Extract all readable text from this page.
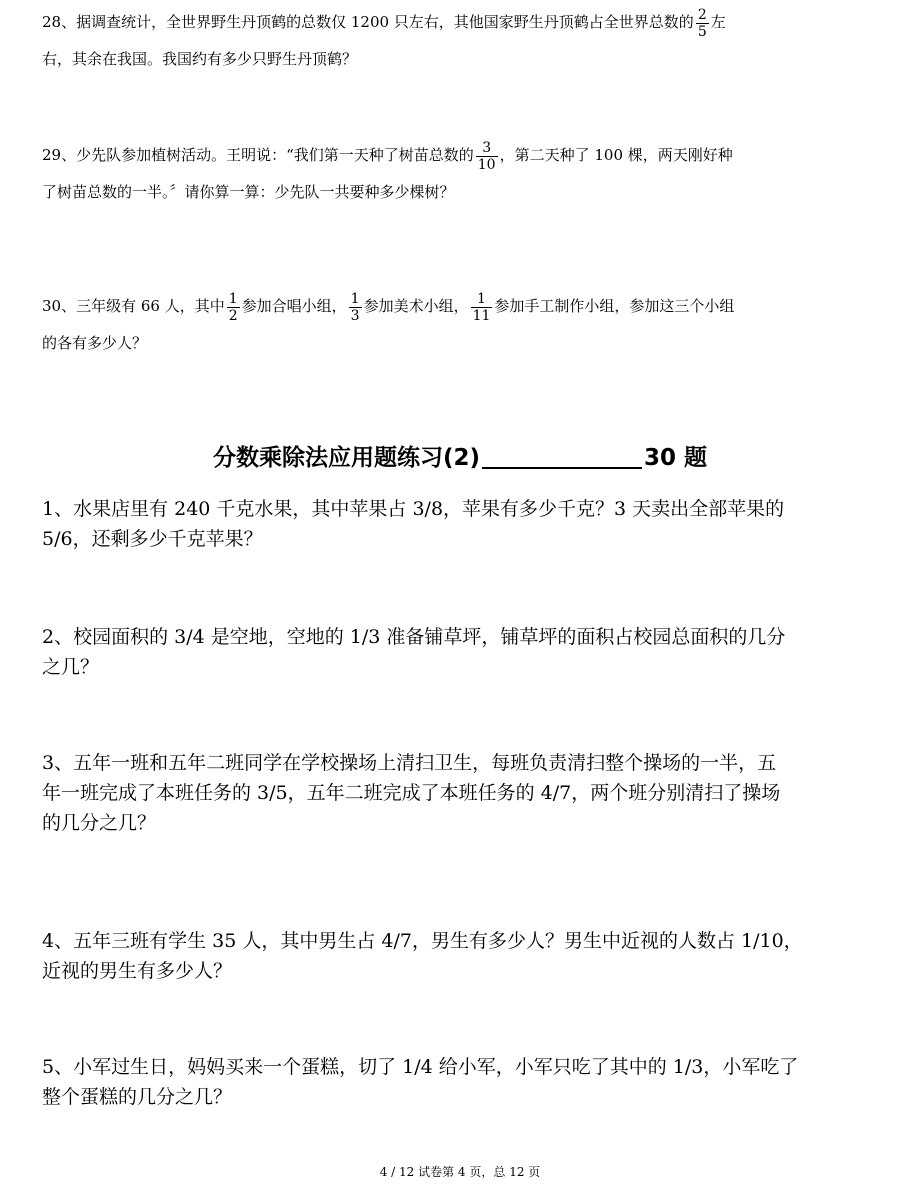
28、据调查统计，全世界野生丹顶鹤的总数仅 1200 只左右，其他国家野生丹顶鹤占全世界总数的 $\frac{2}{5}$ 左
右，其余在我国。我国约有多少只野生丹顶鹤？
29、少先队参加植树活动。王明说：“我们第一天种了树苗总数的 $\frac{3}{10}$ ，第二天种了 100 棵，两天刚好种
了树苗总数的一半。〞请你算一算：少先队一共要种多少棵树？
30、三年级有 66 人，其中 $\frac{1}{2}$ 参加合唱小组， $\frac{1}{3}$ 参加美术小组， $\frac{1}{11}$ 参加手工制作小组，参加这三个小组
的各有多少人？
分数乘除法应用题练习(2)	30 题
1、水果店里有 240 千克水果，其中苹果占 3/8，苹果有多少千克？3 天卖出全部苹果的
5/6，还剩多少千克苹果？
2、校园面积的 3/4 是空地，空地的 1/3 准备铺草坪，铺草坪的面积占校园总面积的几分
之几？
3、五年一班和五年二班同学在学校操场上清扫卫生，每班负责清扫整个操场的一半，五
年一班完成了本班任务的 3/5，五年二班完成了本班任务的 4/7，两个班分别清扫了操场
的几分之几？
4、五年三班有学生 35 人，其中男生占 4/7，男生有多少人？男生中近视的人数占 1/10，
近视的男生有多少人？
5、小军过生日，妈妈买来一个蛋糕，切了 1/4 给小军，小军只吃了其中的 1/3，小军吃了
整个蛋糕的几分之几？
4 / 12 试卷第 4 页，总 12 页
